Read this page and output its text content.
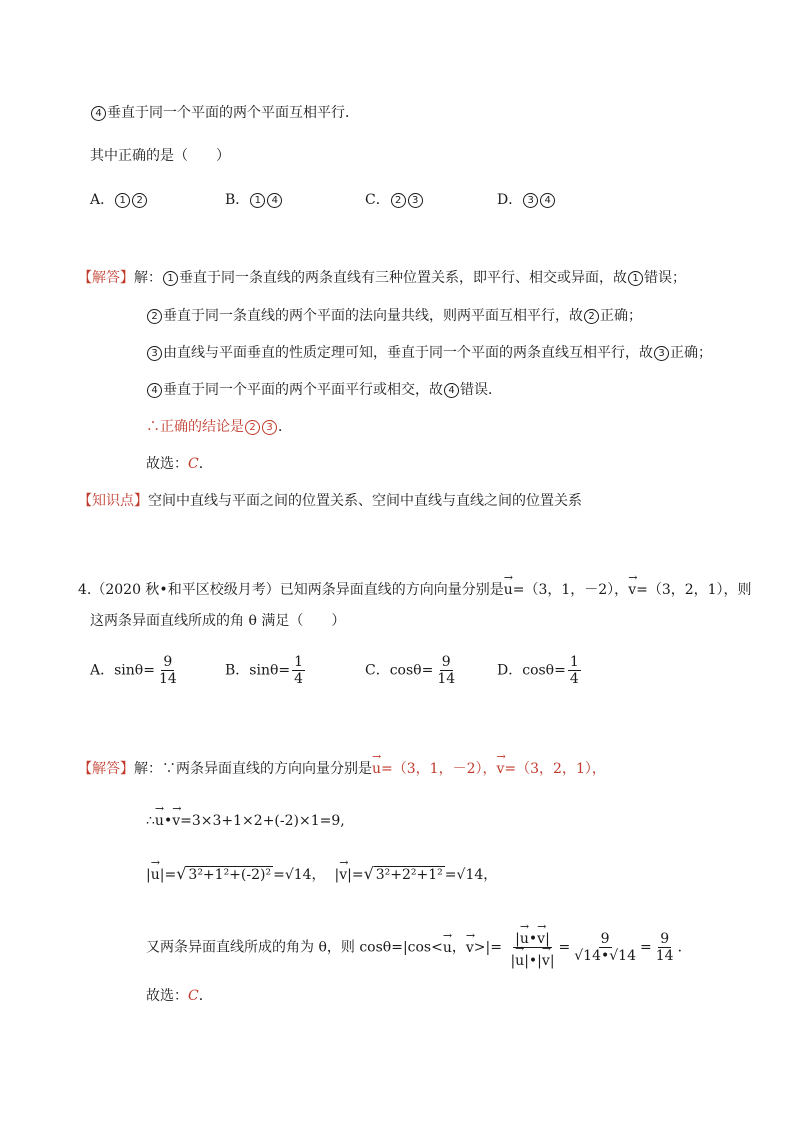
4 垂直于同一个平面的两个平面互相平行．
其中正确的是（　　）
A． 1 2	B． 1 4	C． 2 3	D． 3 4
【解答】解： 1 垂直于同一条直线的两条直线有三种位置关系，即平行、相交或异面，故 1 错误；
2 垂直于同一条直线的两个平面的法向量共线，则两平面互相平行，故 2 正确；
3 由直线与平面垂直的性质定理可知，垂直于同一个平面的两条直线互相平行，故 3 正确；
4 垂直于同一个平面的两个平面平行或相交，故 4 错误．
∴正确的结论是 2 3 ．
故选：C．
【知识点】空间中直线与平面之间的位置关系、空间中直线与直线之间的位置关系
4.（2020 秋•和平区校级月考）已知两条异面直线的方向向量分别是→ u=（3，1，－2），→ v=（3，2，1），则
这两条异面直线所成的角 θ 满足（　　）
A．$\sin\theta= \frac{9}{14}$	B．$\sin\theta= \frac{1}{4}$	C．$\cos\theta= \frac{9}{14}$	D．$\cos\theta= \frac{1}{4}$
【解答】解：∵两条异面直线的方向向量分别是→ u=（3，1，－2），→ v=（3，2，1），
∴→ u•→ v=3×3+1×2+(-2)×1=9,
|→ u|=√ 3²+1²+(-2)² =√14，  |→ v|=√ 3²+2²+1² =√14，
又两条异面直线所成的角为 θ，则 cosθ=|cos<→ u，→ $v>|= \frac{|\to u•\to v|}{|\to u|•|\to v|} = \frac{9}{√14•√14} = \frac{9}{14}$ ．
故选：C．
